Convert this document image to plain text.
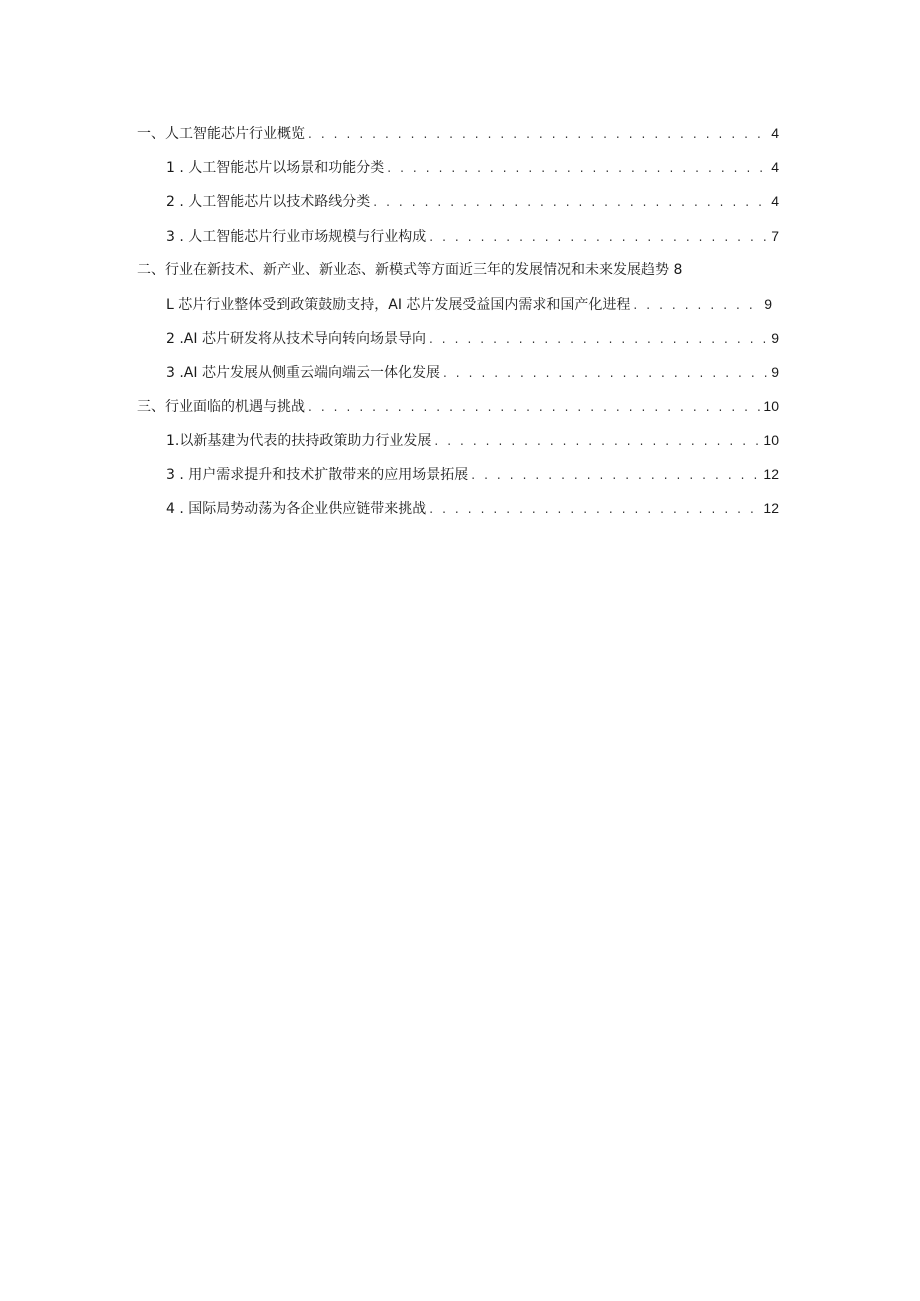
一、人工智能芯片行业概览 . . .	4
1 . 人工智能芯片以场景和功能分类 . . .	4
2 . 人工智能芯片以技术路线分类 . . .	4
3 . 人工智能芯片行业市场规模与行业构成 . . .	7
二、行业在新技术、新产业、新业态、新模式等方面近三年的发展情况和未来发展趋势 8
L 芯片行业整体受到政策鼓励支持，AI 芯片发展受益国内需求和国产化进程 . . .	9
2 .AI 芯片研发将从技术导向转向场景导向 . . .	9
3 .AI 芯片发展从侧重云端向端云一体化发展 . . .	9
三、行业面临的机遇与挑战 . . .	10
1.以新基建为代表的扶持政策助力行业发展 . . .	10
3 . 用户需求提升和技术扩散带来的应用场景拓展 . . .	12
4 . 国际局势动荡为各企业供应链带来挑战 . . .	12
